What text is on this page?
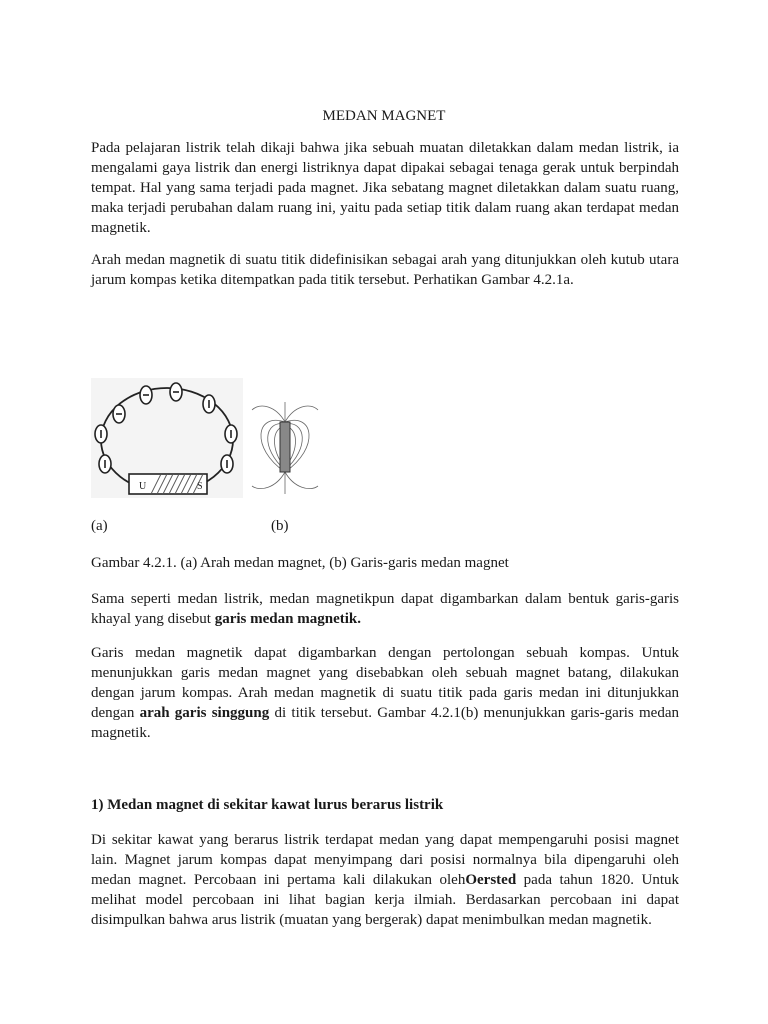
MEDAN MAGNET

Pada pelajaran listrik telah dikaji bahwa jika sebuah muatan diletakkan dalam medan listrik, ia mengalami gaya listrik dan energi listriknya dapat dipakai sebagai tenaga gerak untuk berpindah tempat. Hal yang sama terjadi pada magnet. Jika sebatang magnet diletakkan dalam suatu ruang, maka terjadi perubahan dalam ruang ini, yaitu pada setiap titik dalam ruang akan terdapat medan magnetik.

Arah medan magnetik di suatu titik didefinisikan sebagai arah yang ditunjukkan oleh kutub utara jarum kompas ketika ditempatkan pada titik tersebut. Perhatikan Gambar 4.2.1a.

U	S
(a)	(b)

Gambar 4.2.1. (a) Arah medan magnet, (b) Garis-garis medan magnet

Sama seperti medan listrik, medan magnetikpun dapat digambarkan dalam bentuk garis-garis khayal yang disebut garis medan magnetik.

Garis medan magnetik dapat digambarkan dengan pertolongan sebuah kompas. Untuk menunjukkan garis medan magnet yang disebabkan oleh sebuah magnet batang, dilakukan dengan jarum kompas. Arah medan magnetik di suatu titik pada garis medan ini ditunjukkan dengan arah garis singgung di titik tersebut. Gambar 4.2.1(b) menunjukkan garis-garis medan magnetik.

1) Medan magnet di sekitar kawat lurus berarus listrik

Di sekitar kawat yang berarus listrik terdapat medan yang dapat mempengaruhi posisi magnet lain. Magnet jarum kompas dapat menyimpang dari posisi normalnya bila dipengaruhi oleh medan magnet. Percobaan ini pertama kali dilakukan olehOersted pada tahun 1820. Untuk melihat model percobaan ini lihat bagian kerja ilmiah. Berdasarkan percobaan ini dapat disimpulkan bahwa arus listrik (muatan yang bergerak) dapat menimbulkan medan magnetik.
